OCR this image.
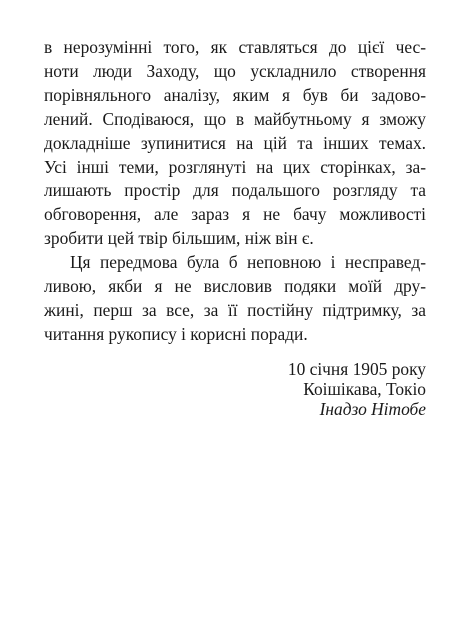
в нерозумінні того, як ставляться до цієї чес-
ноти люди Заходу, що ускладнило створення
порівняльного аналізу, яким я був би задово-
лений. Сподіваюся, що в майбутньому я зможу
докладніше зупинитися на цій та інших темах.
Усі інші теми, розглянуті на цих сторінках, за-
лишають простір для подальшого розгляду та
обговорення, але зараз я не бачу можливості
зробити цей твір більшим, ніж він є.

Ця передмова була б неповною і несправед-
ливою, якби я не висловив подяки моїй дру-
жині, перш за все, за її постійну підтримку, за
читання рукопису і корисні поради.

10 січня 1905 року
Коішікава, Токіо
Інадзо Нітобе
